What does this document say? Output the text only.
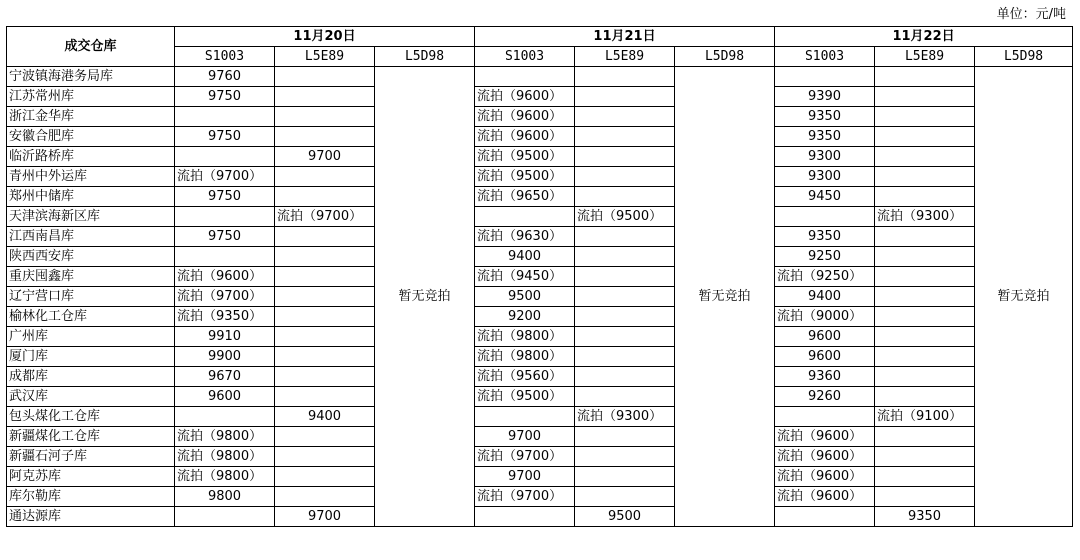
单位：元/吨
成交仓库	11月20日			11月21日			11月22日		
	S1003	L5E89	L5D98	S1003	L5E89	L5D98	S1003	L5E89	L5D98
宁波镇海港务局库	9760		暂无竞拍			暂无竞拍			暂无竞拍
江苏常州库	9750			流拍（9600）			9390		
浙江金华库				流拍（9600）			9350		
安徽合肥库	9750			流拍（9600）			9350		
临沂路桥库		9700		流拍（9500）			9300		
青州中外运库	流拍（9700）			流拍（9500）			9300		
郑州中储库	9750			流拍（9650）			9450		
天津滨海新区库		流拍（9700）			流拍（9500）			流拍（9300）	
江西南昌库	9750			流拍（9630）			9350		
陕西西安库				9400			9250		
重庆囤鑫库	流拍（9600）			流拍（9450）			流拍（9250）		
辽宁营口库	流拍（9700）			9500			9400		
榆林化工仓库	流拍（9350）			9200			流拍（9000）		
广州库	9910			流拍（9800）			9600		
厦门库	9900			流拍（9800）			9600		
成都库	9670			流拍（9560）			9360		
武汉库	9600			流拍（9500）			9260		
包头煤化工仓库		9400			流拍（9300）			流拍（9100）	
新疆煤化工仓库	流拍（9800）			9700			流拍（9600）		
新疆石河子库	流拍（9800）			流拍（9700）			流拍（9600）		
阿克苏库	流拍（9800）			9700			流拍（9600）		
库尔勒库	9800			流拍（9700）			流拍（9600）		
通达源库		9700			9500			9350	
